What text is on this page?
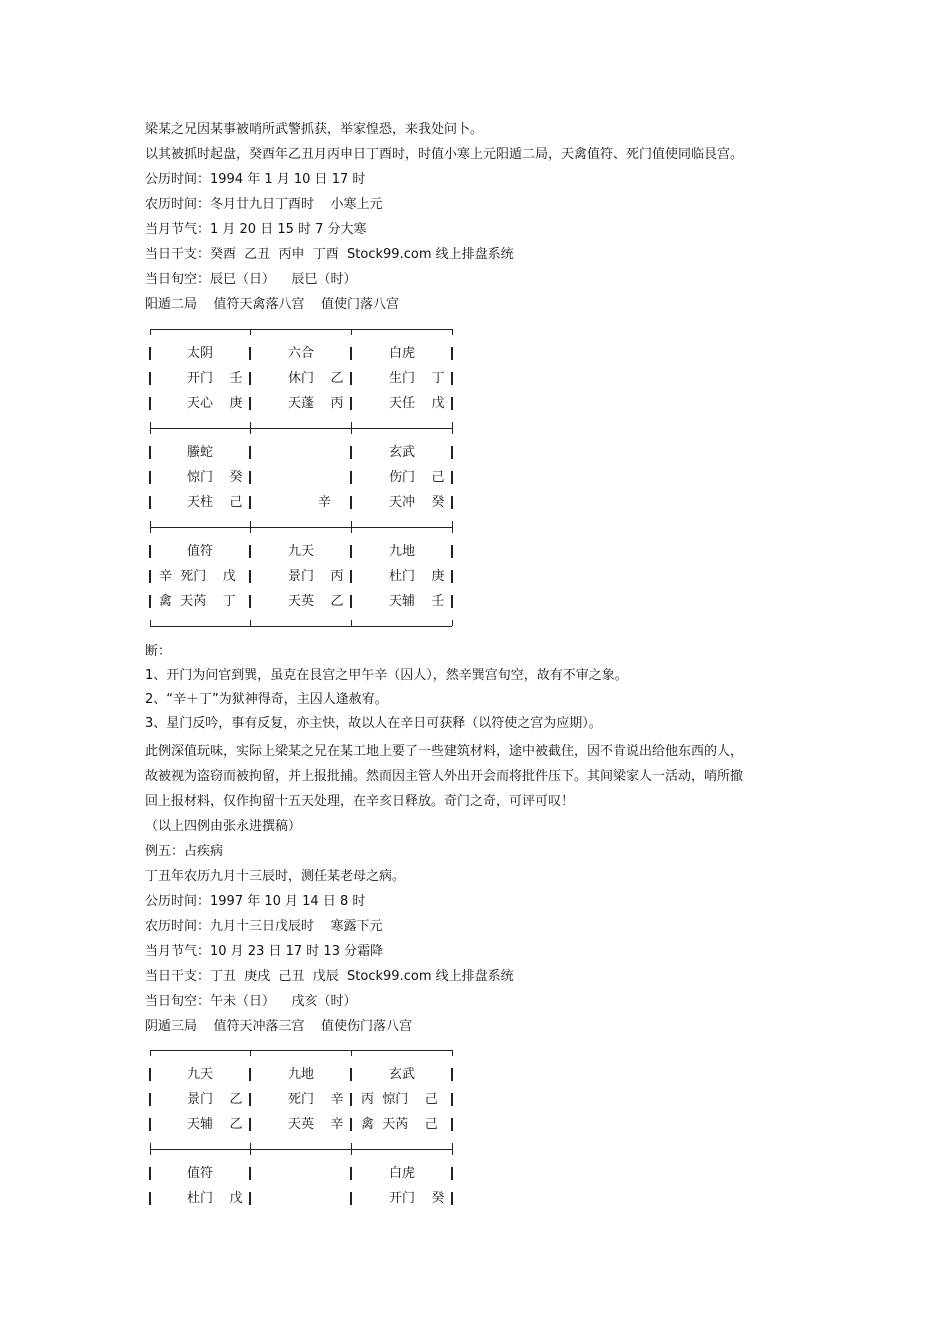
梁某之兄因某事被哨所武警抓获，举家惶恐，来我处问卜。
以其被抓时起盘，癸酉年乙丑月丙申日丁酉时，时值小寒上元阳遁二局，天禽值符、死门值使同临艮宫。
公历时间：1994 年 1 月 10 日 17 时
农历时间：冬月廿九日丁酉时    小寒上元
当月节气：1 月 20 日 15 时 7 分大寒
当日干支：癸酉  乙丑  丙申  丁酉  Stock99.com 线上排盘系统
当日旬空：辰巳（日）    辰巳（时）
阳遁二局    值符天禽落八宫    值使门落八宫
太阴
开门    壬
天心    庚
六合
休门    乙
天蓬    丙
白虎
生门    丁
天任    戊
螣蛇
惊门    癸
天柱    己 辛
玄武
伤门    己
天冲    癸
值符
辛  死门    戊
禽  天芮    丁
九天
景门    丙
天英    乙
九地
杜门    庚
天辅    壬
断：
1、开门为问官到巽，虽克在艮宫之甲午辛（囚人），然辛巽宫旬空，故有不审之象。
2、“辛＋丁”为狱神得奇，主囚人逢赦宥。
3、星门反吟，事有反复，亦主快，故以人在辛日可获释（以符使之宫为应期）。
此例深值玩味，实际上梁某之兄在某工地上要了一些建筑材料，途中被截住，因不肯说出给他东西的人，
故被视为盗窃而被拘留，并上报批捕。然而因主管人外出开会而将批件压下。其间梁家人一活动，哨所撤
回上报材料，仅作拘留十五天处理，在辛亥日释放。奇门之奇，可评可叹！
（以上四例由张永进撰稿）
例五：占疾病
丁丑年农历九月十三辰时，测任某老母之病。
公历时间：1997 年 10 月 14 日 8 时
农历时间：九月十三日戊辰时    寒露下元
当月节气：10 月 23 日 17 时 13 分霜降
当日干支：丁丑  庚戌  己丑  戊辰  Stock99.com 线上排盘系统
当日旬空：午未（日）    戌亥（时）
阴遁三局    值符天冲落三宫    值使伤门落八宫
九天
景门    乙
天辅    乙
九地
死门    辛
天英    辛
玄武
丙  惊门    己
禽  天芮    己
值符
杜门    戊
白虎
开门    癸
